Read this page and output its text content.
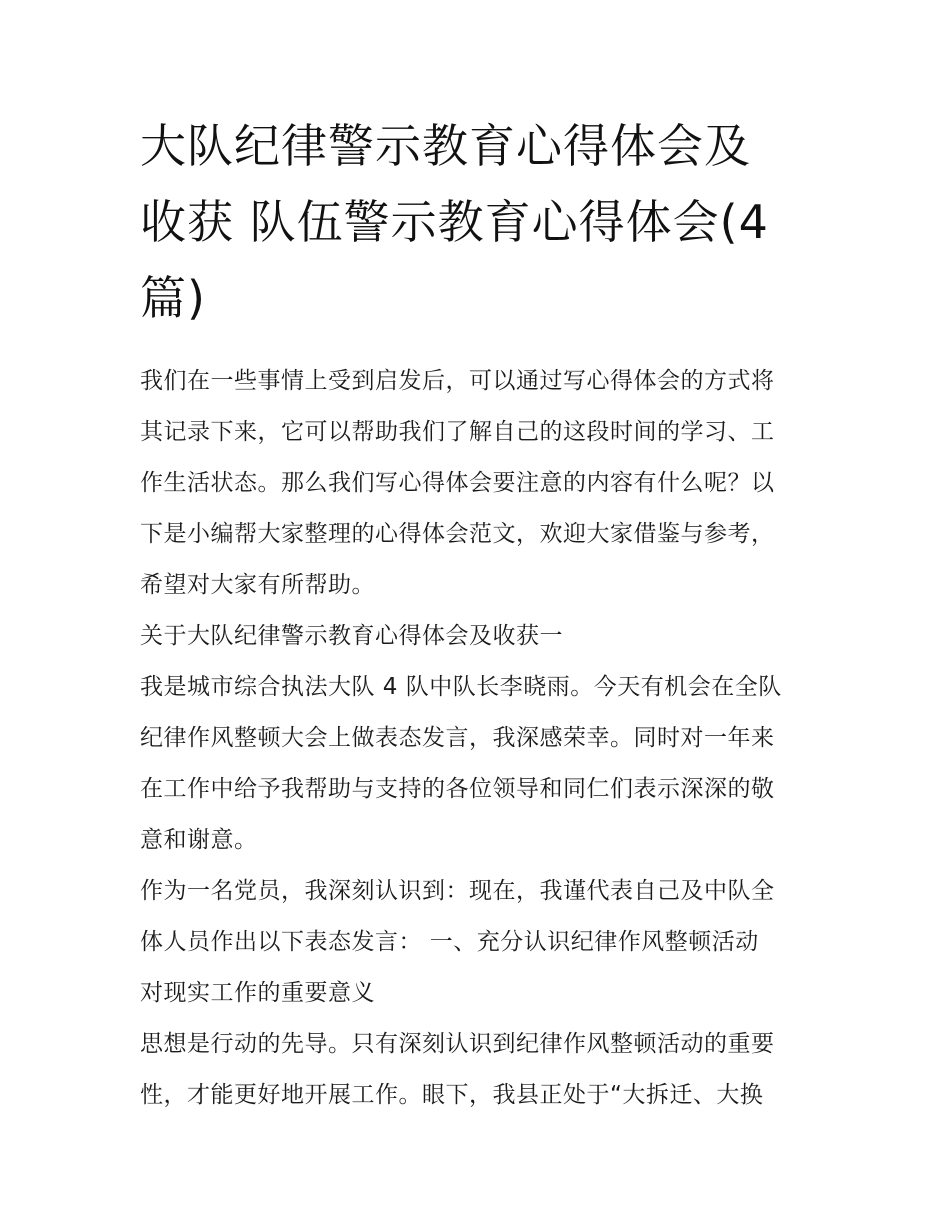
大队纪律警示教育心得体会及
收获 队伍警示教育心得体会(4
篇)

我们在一些事情上受到启发后，可以通过写心得体会的方式将
其记录下来，它可以帮助我们了解自己的这段时间的学习、工
作生活状态。那么我们写心得体会要注意的内容有什么呢？以
下是小编帮大家整理的心得体会范文，欢迎大家借鉴与参考，
希望对大家有所帮助。

关于大队纪律警示教育心得体会及收获一

我是城市综合执法大队 4 队中队长李晓雨。今天有机会在全队
纪律作风整顿大会上做表态发言，我深感荣幸。同时对一年来
在工作中给予我帮助与支持的各位领导和同仁们表示深深的敬
意和谢意。

作为一名党员，我深刻认识到：现在，我谨代表自己及中队全
体人员作出以下表态发言： 一、充分认识纪律作风整顿活动
对现实工作的重要意义

思想是行动的先导。只有深刻认识到纪律作风整顿活动的重要
性，才能更好地开展工作。眼下，我县正处于“大拆迁、大换
